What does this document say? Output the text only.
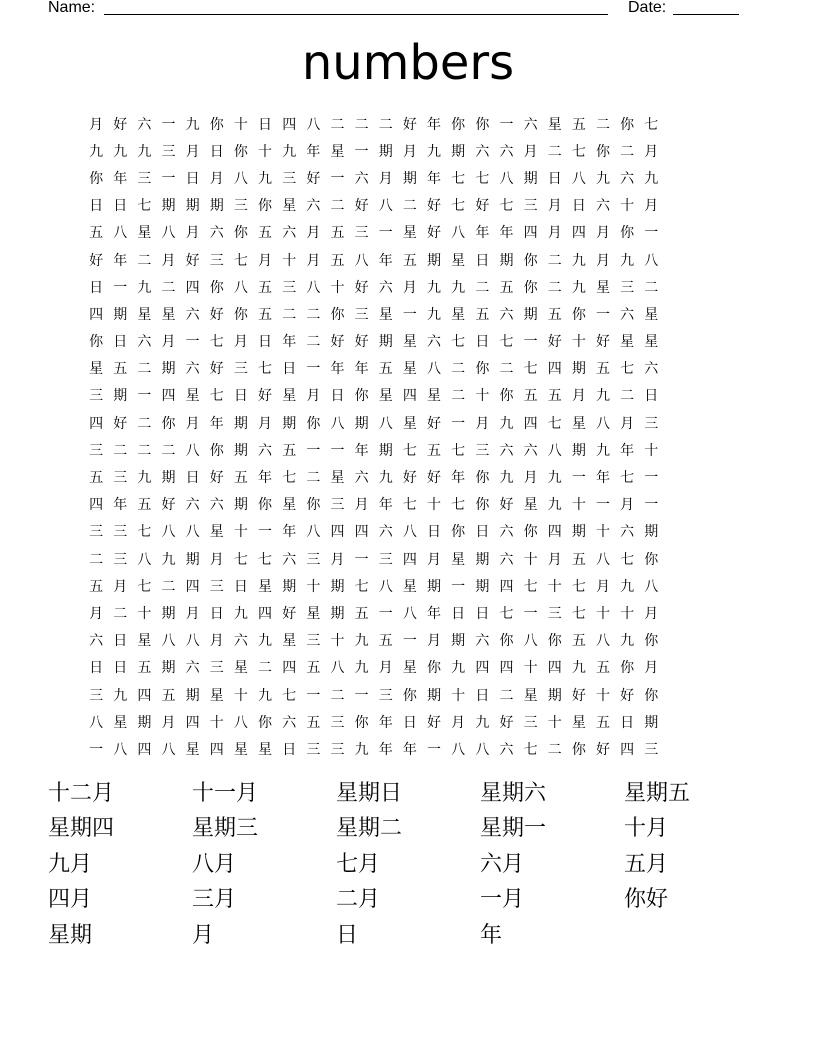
Name:	Date:
numbers
月 好 六 一 九 你 十 日 四 八 二 二 二 好 年 你 你 一 六 星 五 二 你 七
九 九 九 三 月 日 你 十 九 年 星 一 期 月 九 期 六 六 月 二 七 你 二 月
你 年 三 一 日 月 八 九 三 好 一 六 月 期 年 七 七 八 期 日 八 九 六 九
日 日 七 期 期 期 三 你 星 六 二 好 八 二 好 七 好 七 三 月 日 六 十 月
五 八 星 八 月 六 你 五 六 月 五 三 一 星 好 八 年 年 四 月 四 月 你 一
好 年 二 月 好 三 七 月 十 月 五 八 年 五 期 星 日 期 你 二 九 月 九 八
日 一 九 二 四 你 八 五 三 八 十 好 六 月 九 九 二 五 你 二 九 星 三 二
四 期 星 星 六 好 你 五 二 二 你 三 星 一 九 星 五 六 期 五 你 一 六 星
你 日 六 月 一 七 月 日 年 二 好 好 期 星 六 七 日 七 一 好 十 好 星 星
星 五 二 期 六 好 三 七 日 一 年 年 五 星 八 二 你 二 七 四 期 五 七 六
三 期 一 四 星 七 日 好 星 月 日 你 星 四 星 二 十 你 五 五 月 九 二 日
四 好 二 你 月 年 期 月 期 你 八 期 八 星 好 一 月 九 四 七 星 八 月 三
三 二 二 二 八 你 期 六 五 一 一 年 期 七 五 七 三 六 六 八 期 九 年 十
五 三 九 期 日 好 五 年 七 二 星 六 九 好 好 年 你 九 月 九 一 年 七 一
四 年 五 好 六 六 期 你 星 你 三 月 年 七 十 七 你 好 星 九 十 一 月 一
三 三 七 八 八 星 十 一 年 八 四 四 六 八 日 你 日 六 你 四 期 十 六 期
二 三 八 九 期 月 七 七 六 三 月 一 三 四 月 星 期 六 十 月 五 八 七 你
五 月 七 二 四 三 日 星 期 十 期 七 八 星 期 一 期 四 七 十 七 月 九 八
月 二 十 期 月 日 九 四 好 星 期 五 一 八 年 日 日 七 一 三 七 十 十 月
六 日 星 八 八 月 六 九 星 三 十 九 五 一 月 期 六 你 八 你 五 八 九 你
日 日 五 期 六 三 星 二 四 五 八 九 月 星 你 九 四 四 十 四 九 五 你 月
三 九 四 五 期 星 十 九 七 一 二 一 三 你 期 十 日 二 星 期 好 十 好 你
八 星 期 月 四 十 八 你 六 五 三 你 年 日 好 月 九 好 三 十 星 五 日 期
一 八 四 八 星 四 星 星 日 三 三 九 年 年 一 八 八 六 七 二 你 好 四 三
十二月	十一月	星期日	星期六	星期五
星期四	星期三	星期二	星期一	十月
九月	八月	七月	六月	五月
四月	三月	二月	一月	你好
星期	月	日	年
